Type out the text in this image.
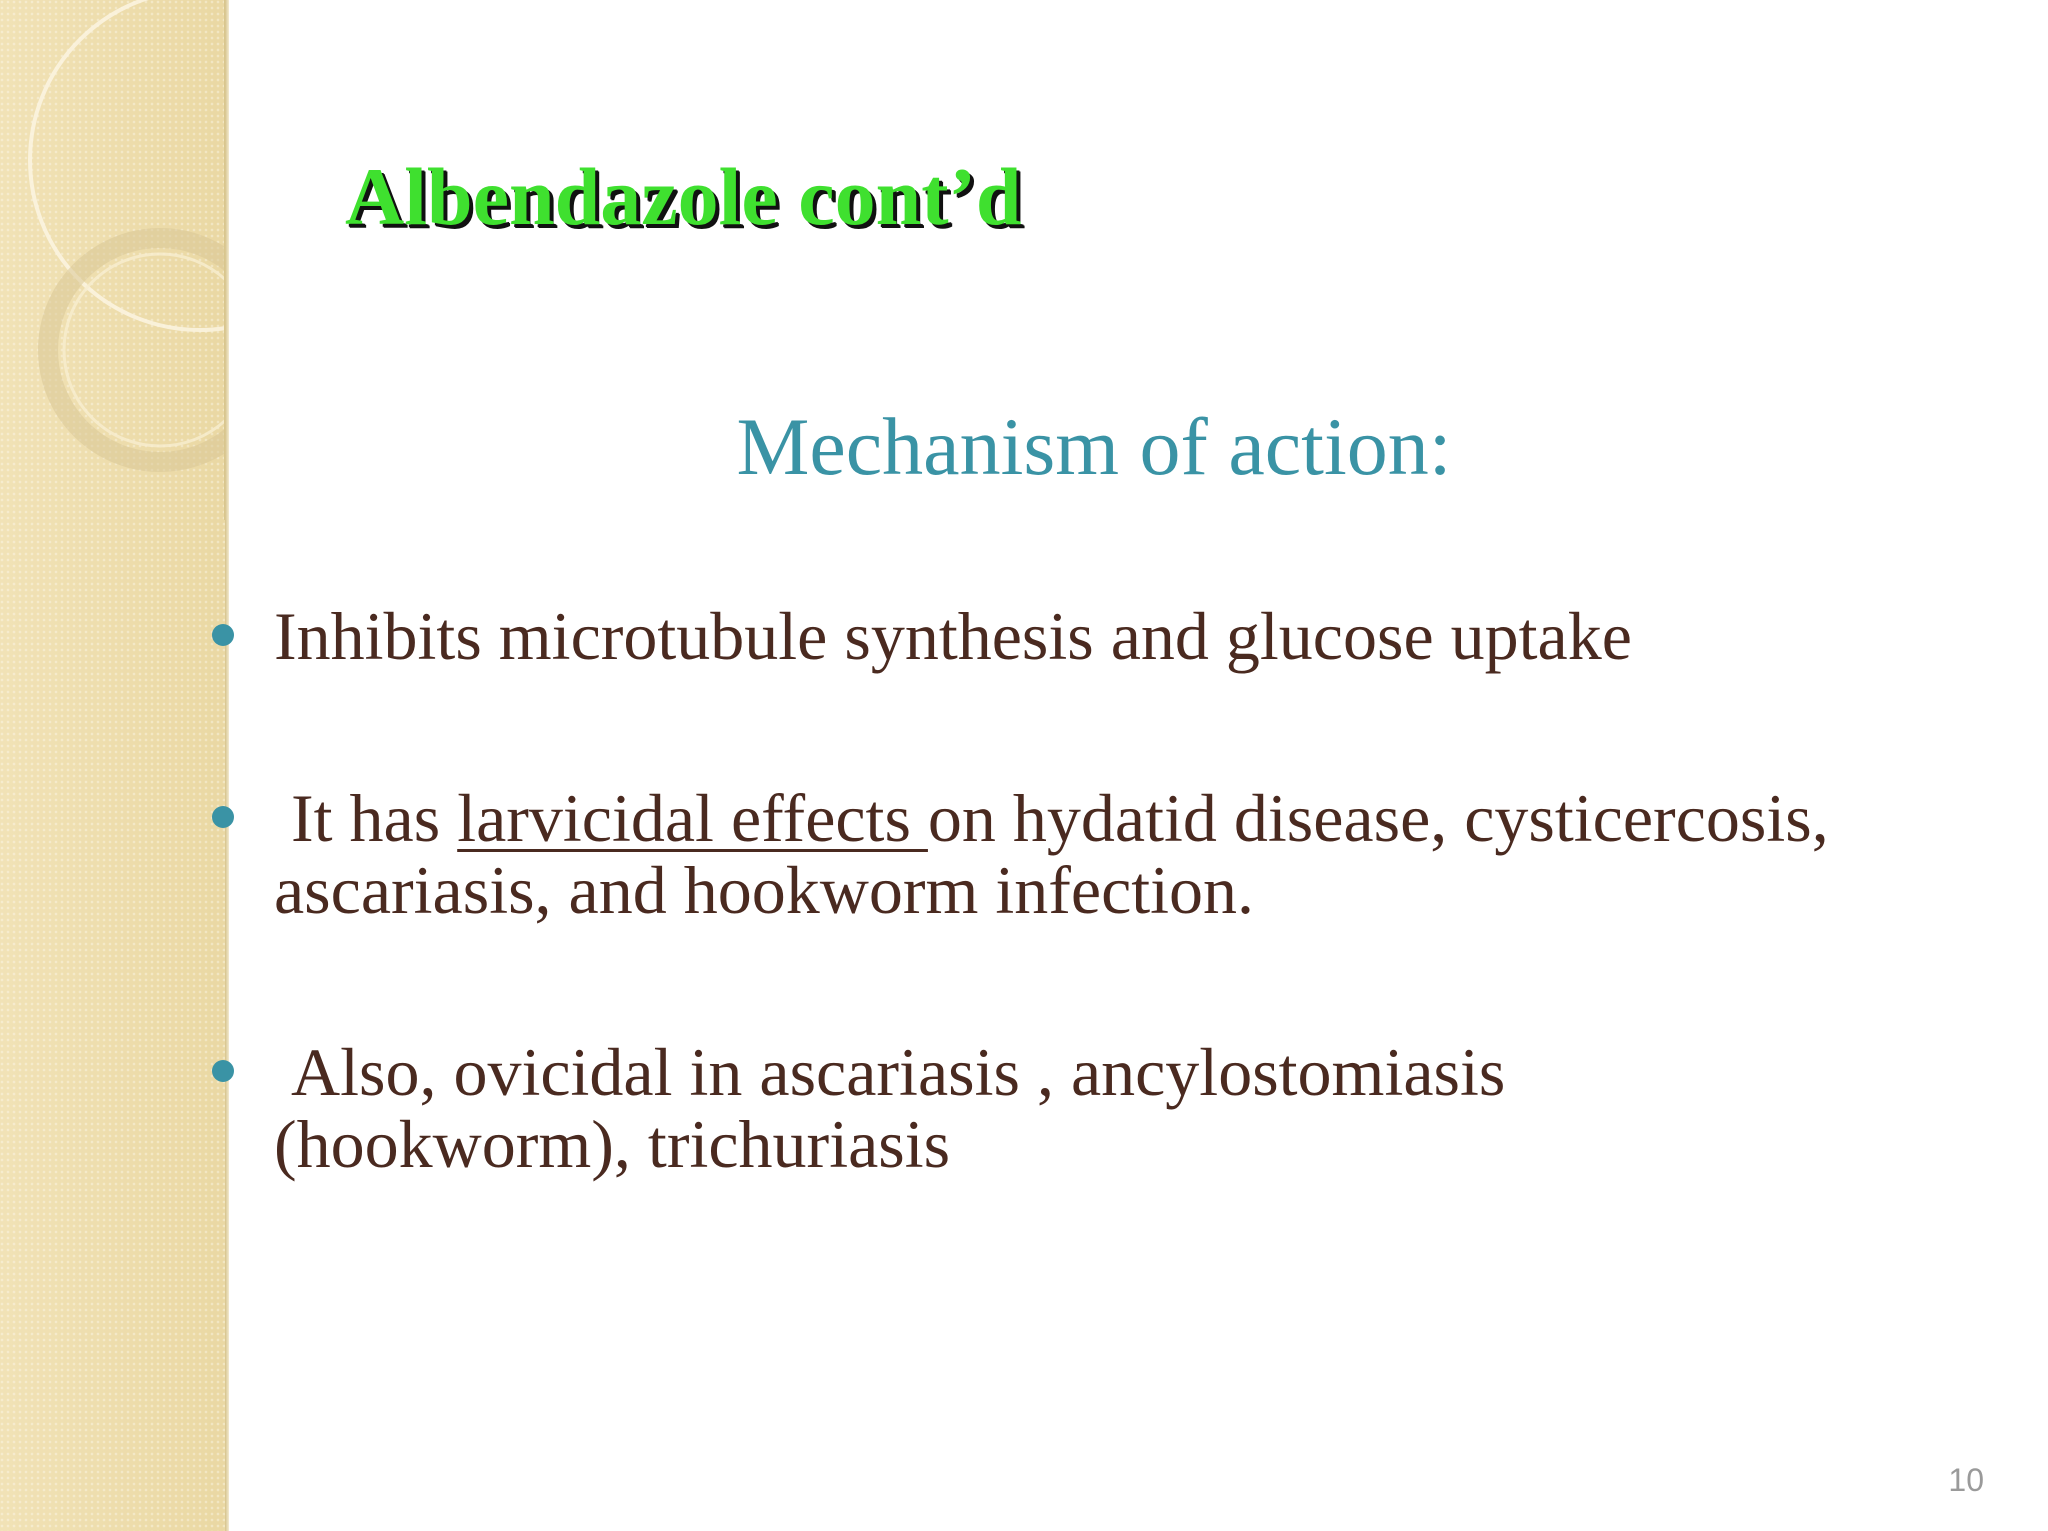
Albendazole cont’d
Mechanism of action:
Inhibits microtubule synthesis and glucose uptake
It has larvicidal effects on hydatid disease, cysticercosis, ascariasis, and hookworm infection.
Also, ovicidal in ascariasis , ancylostomiasis (hookworm), trichuriasis
10
